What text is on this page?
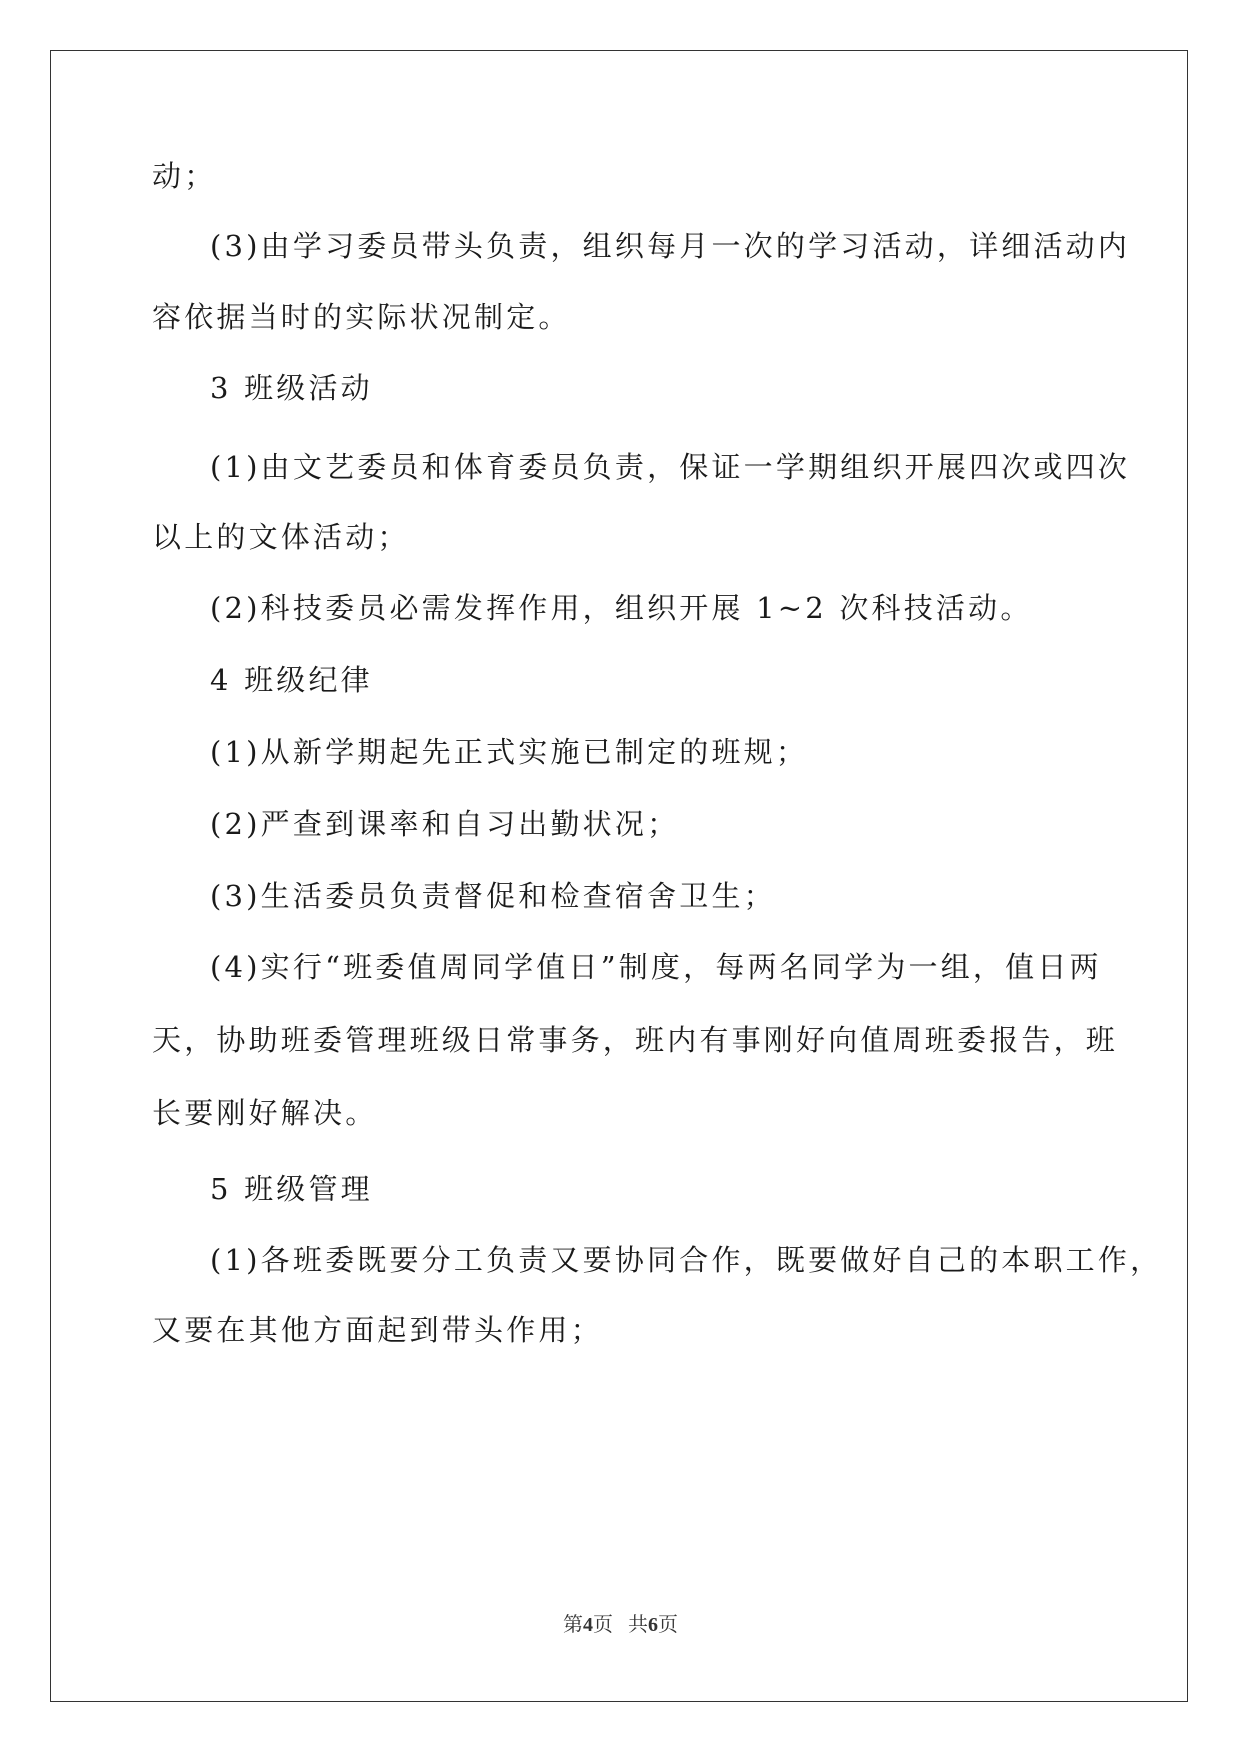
动；
(3)由学习委员带头负责，组织每月一次的学习活动，详细活动内
容依据当时的实际状况制定。
3 班级活动
(1)由文艺委员和体育委员负责，保证一学期组织开展四次或四次
以上的文体活动；
(2)科技委员必需发挥作用，组织开展 1~2 次科技活动。
4 班级纪律
(1)从新学期起先正式实施已制定的班规；
(2)严查到课率和自习出勤状况；
(3)生活委员负责督促和检查宿舍卫生；
(4)实行“班委值周同学值日”制度，每两名同学为一组，值日两
天，协助班委管理班级日常事务，班内有事刚好向值周班委报告，班
长要刚好解决。
5 班级管理
(1)各班委既要分工负责又要协同合作，既要做好自己的本职工作，
又要在其他方面起到带头作用；
第4页 共6页
